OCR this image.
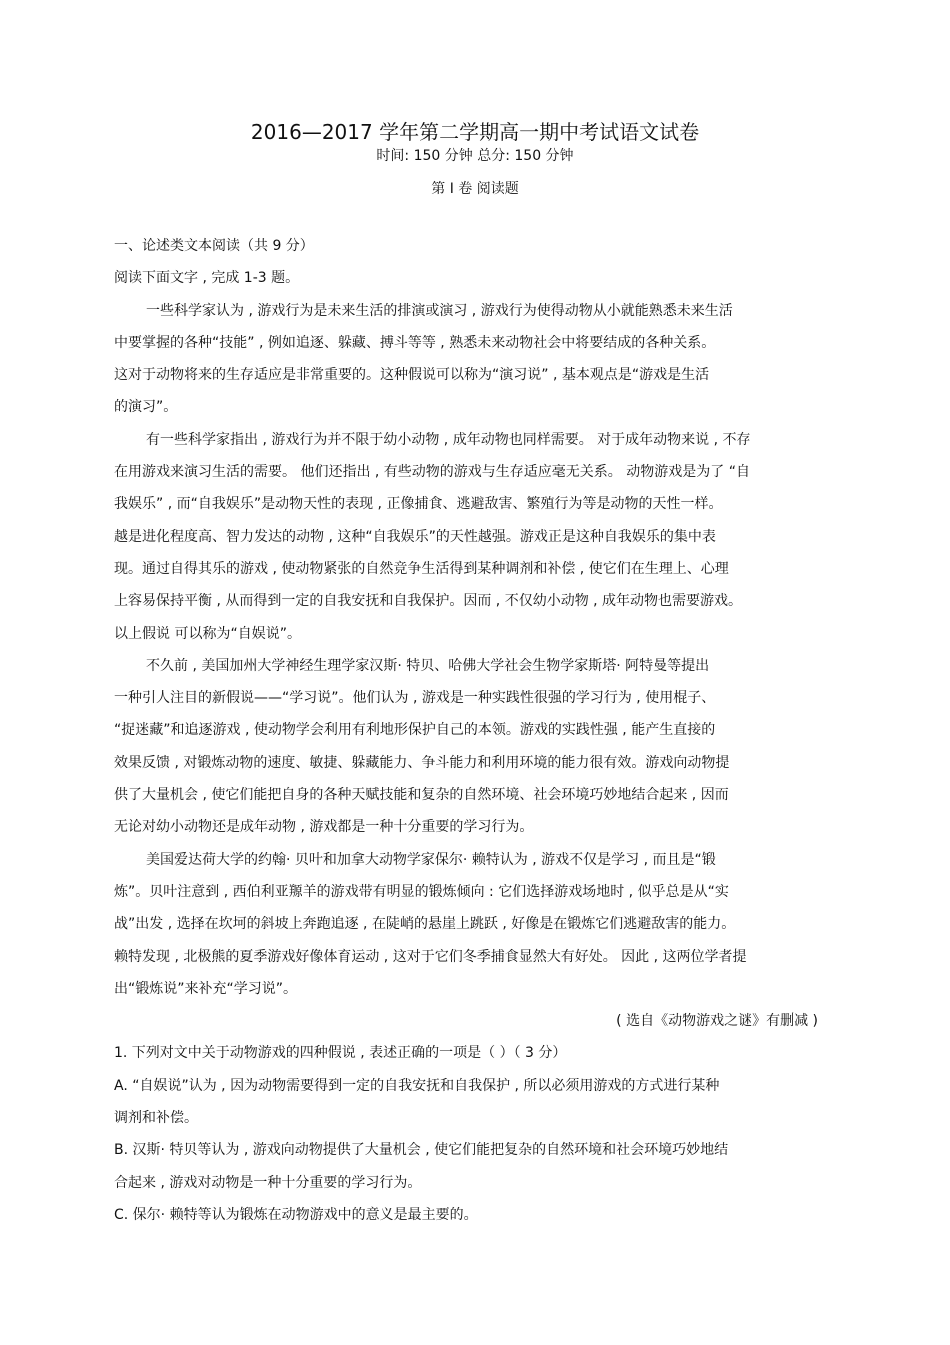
2016—2017 学年第二学期高一期中考试语文试卷
时间: 150 分钟 总分: 150 分钟
第 I 卷 阅读题
一、论述类文本阅读（共 9 分）
阅读下面文字 , 完成 1-3 题。
一些科学家认为 , 游戏行为是未来生活的排演或演习 , 游戏行为使得动物从小就能熟悉未来生活
中要掌握的各种“技能” , 例如追逐、躲藏、搏斗等等 , 熟悉未来动物社会中将要结成的各种关系。
这对于动物将来的生存适应是非常重要的。这种假说可以称为“演习说” , 基本观点是“游戏是生活
的演习”。
有一些科学家指出 , 游戏行为并不限于幼小动物 , 成年动物也同样需要。 对于成年动物来说 , 不存
在用游戏来演习生活的需要。 他们还指出 , 有些动物的游戏与生存适应毫无关系。 动物游戏是为了 “自
我娱乐” , 而“自我娱乐”是动物天性的表现 , 正像捕食、逃避敌害、繁殖行为等是动物的天性一样。
越是进化程度高、智力发达的动物 , 这种“自我娱乐”的天性越强。游戏正是这种自我娱乐的集中表
现。通过自得其乐的游戏 , 使动物紧张的自然竞争生活得到某种调剂和补偿 , 使它们在生理上、心理
上容易保持平衡 , 从而得到一定的自我安抚和自我保护。因而 , 不仅幼小动物 , 成年动物也需要游戏。
以上假说 可以称为“自娱说”。
不久前 , 美国加州大学神经生理学家汉斯· 特贝、哈佛大学社会生物学家斯塔· 阿特曼等提出
一种引人注目的新假说——“学习说”。他们认为 , 游戏是一种实践性很强的学习行为 , 使用棍子、
“捉迷藏”和追逐游戏 , 使动物学会利用有利地形保护自己的本领。游戏的实践性强 , 能产生直接的
效果反馈 , 对锻炼动物的速度、敏捷、躲藏能力、争斗能力和利用环境的能力很有效。游戏向动物提
供了大量机会 , 使它们能把自身的各种天赋技能和复杂的自然环境、社会环境巧妙地结合起来 , 因而
无论对幼小动物还是成年动物 , 游戏都是一种十分重要的学习行为。
美国爱达荷大学的约翰· 贝叶和加拿大动物学家保尔· 赖特认为 , 游戏不仅是学习 , 而且是“锻
炼”。贝叶注意到 , 西伯利亚羱羊的游戏带有明显的锻炼倾向 : 它们选择游戏场地时 , 似乎总是从“实
战”出发 , 选择在坎坷的斜坡上奔跑追逐 , 在陡峭的悬崖上跳跃 , 好像是在锻炼它们逃避敌害的能力。
赖特发现 , 北极熊的夏季游戏好像体育运动 , 这对于它们冬季捕食显然大有好处。 因此 , 这两位学者提
出“锻炼说”来补充“学习说”。
( 选自《动物游戏之谜》有删减 )
1. 下列对文中关于动物游戏的四种假说 , 表述正确的一项是（ ）（ 3 分）
A. “自娱说”认为 , 因为动物需要得到一定的自我安抚和自我保护 , 所以必须用游戏的方式进行某种
调剂和补偿。
B. 汉斯· 特贝等认为 , 游戏向动物提供了大量机会 , 使它们能把复杂的自然环境和社会环境巧妙地结
合起来 , 游戏对动物是一种十分重要的学习行为。
C. 保尔· 赖特等认为锻炼在动物游戏中的意义是最主要的。
